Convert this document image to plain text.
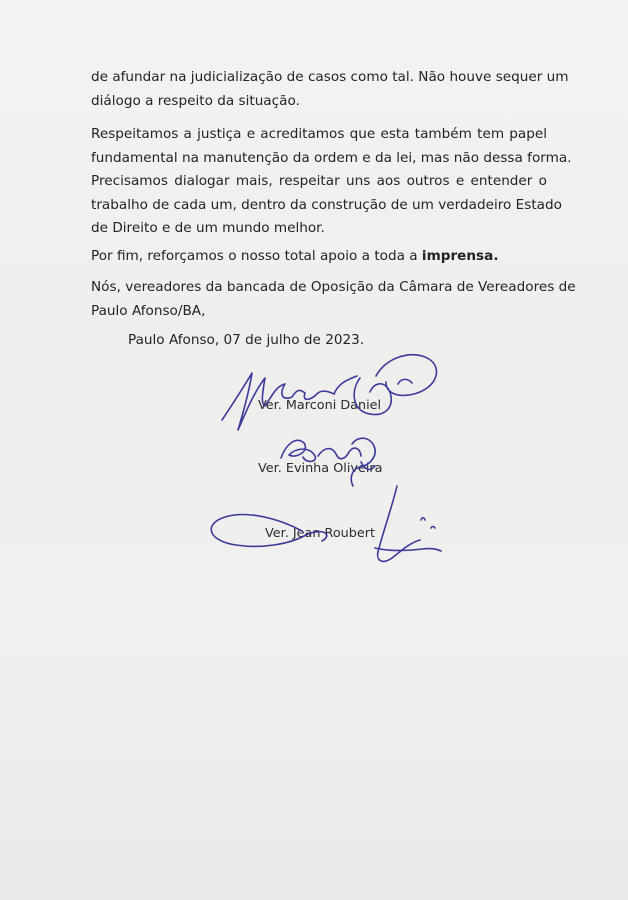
de afundar na judicialização de casos como tal. Não houve sequer um
diálogo a respeito da situação.
Respeitamos a justiça e acreditamos que esta também tem papel
fundamental na manutenção da ordem e da lei, mas não dessa forma.
Precisamos dialogar mais, respeitar uns aos outros e entender o
trabalho de cada um, dentro da construção de um verdadeiro Estado
de Direito e de um mundo melhor.
Por fim, reforçamos o nosso total apoio a toda a imprensa.
Nós, vereadores da bancada de Oposição da Câmara de Vereadores de
Paulo Afonso/BA,
Paulo Afonso, 07 de julho de 2023.
Ver. Marconi Daniel
Ver. Evinha Oliveira
Ver. Jean Roubert
